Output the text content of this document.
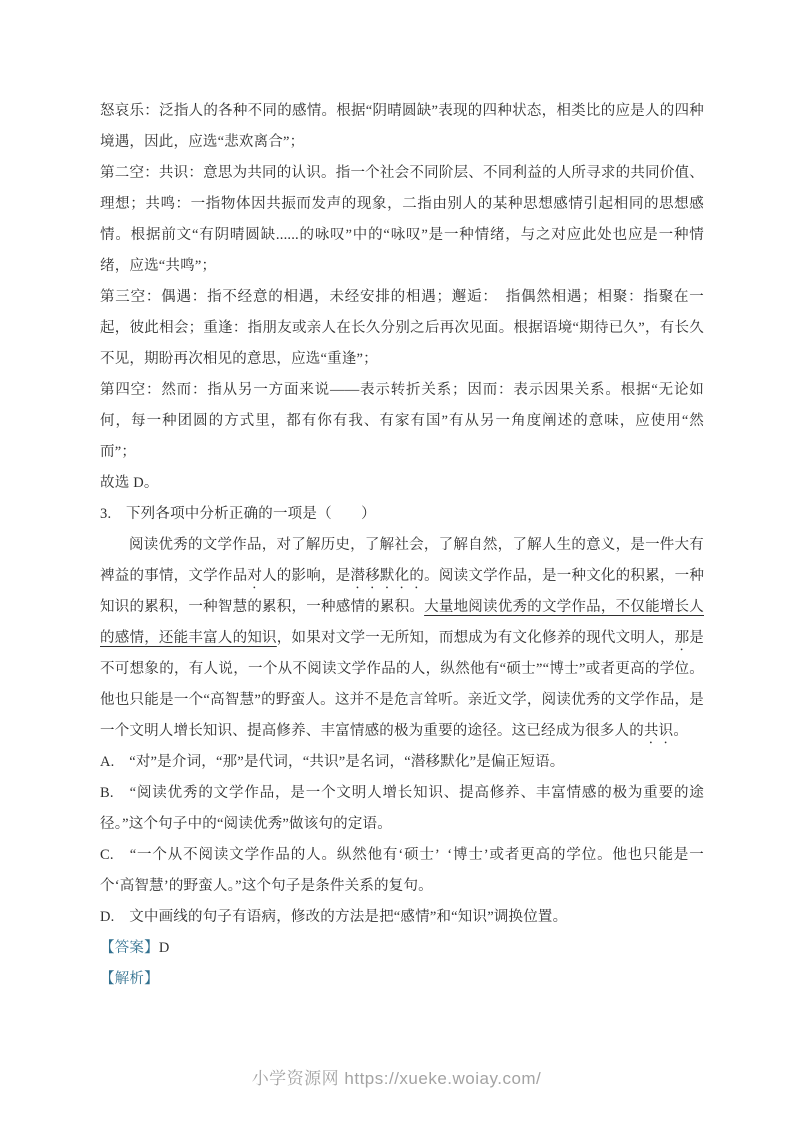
怒哀乐：泛指人的各种不同的感情。根据“阴晴圆缺”表现的四种状态，相类比的应是人的四种境遇，因此，应选“悲欢离合”；

第二空：共识：意思为共同的认识。指一个社会不同阶层、不同利益的人所寻求的共同价值、理想；共鸣：一指物体因共振而发声的现象，二指由别人的某种思想感情引起相同的思想感情。根据前文“有阴晴圆缺......的咏叹”中的“咏叹”是一种情绪，与之对应此处也应是一种情绪，应选“共鸣”；

第三空：偶遇：指不经意的相遇，未经安排的相遇；邂逅：　指偶然相遇；相聚：指聚在一起，彼此相会；重逢：指朋友或亲人在长久分别之后再次见面。根据语境“期待已久”，有长久不见，期盼再次相见的意思，应选“重逢”；

第四空：然而：指从另一方面来说——表示转折关系；因而：表示因果关系。根据“无论如何，每一种团圆的方式里，都有你有我、有家有国”有从另一角度阐述的意味，应使用“然而”；

故选 D。

3.　下列各项中分析正确的一项是（　　）

阅读优秀的文学作品，对了解历史，了解社会，了解自然，了解人生的意义，是一件大有裨益的事情，文学作品对人的影响，是潜移默化的。阅读文学作品，是一种文化的积累，一种知识的累积，一种智慧的累积，一种感情的累积。大量地阅读优秀的文学作品，不仅能增长人的感情，还能丰富人的知识，如果对文学一无所知，而想成为有文化修养的现代文明人，那是不可想象的，有人说，一个从不阅读文学作品的人，纵然他有“硕士”“博士”或者更高的学位。他也只能是一个“高智慧”的野蛮人。这并不是危言耸听。亲近文学，阅读优秀的文学作品，是一个文明人增长知识、提高修养、丰富情感的极为重要的途径。这已经成为很多人的共识。

A.　“对”是介词，“那”是代词，“共识”是名词，“潜移默化”是偏正短语。

B.　“阅读优秀的文学作品，是一个文明人增长知识、提高修养、丰富情感的极为重要的途径。”这个句子中的“阅读优秀”做该句的定语。

C.　“一个从不阅读文学作品的人。纵然他有‘硕士’ ‘博士’或者更高的学位。他也只能是一个‘高智慧’的野蛮人。”这个句子是条件关系的复句。

D.　文中画线的句子有语病，修改的方法是把“感情”和“知识”调换位置。

【答案】D

【解析】

小学资源网 https://xueke.woiay.com/
